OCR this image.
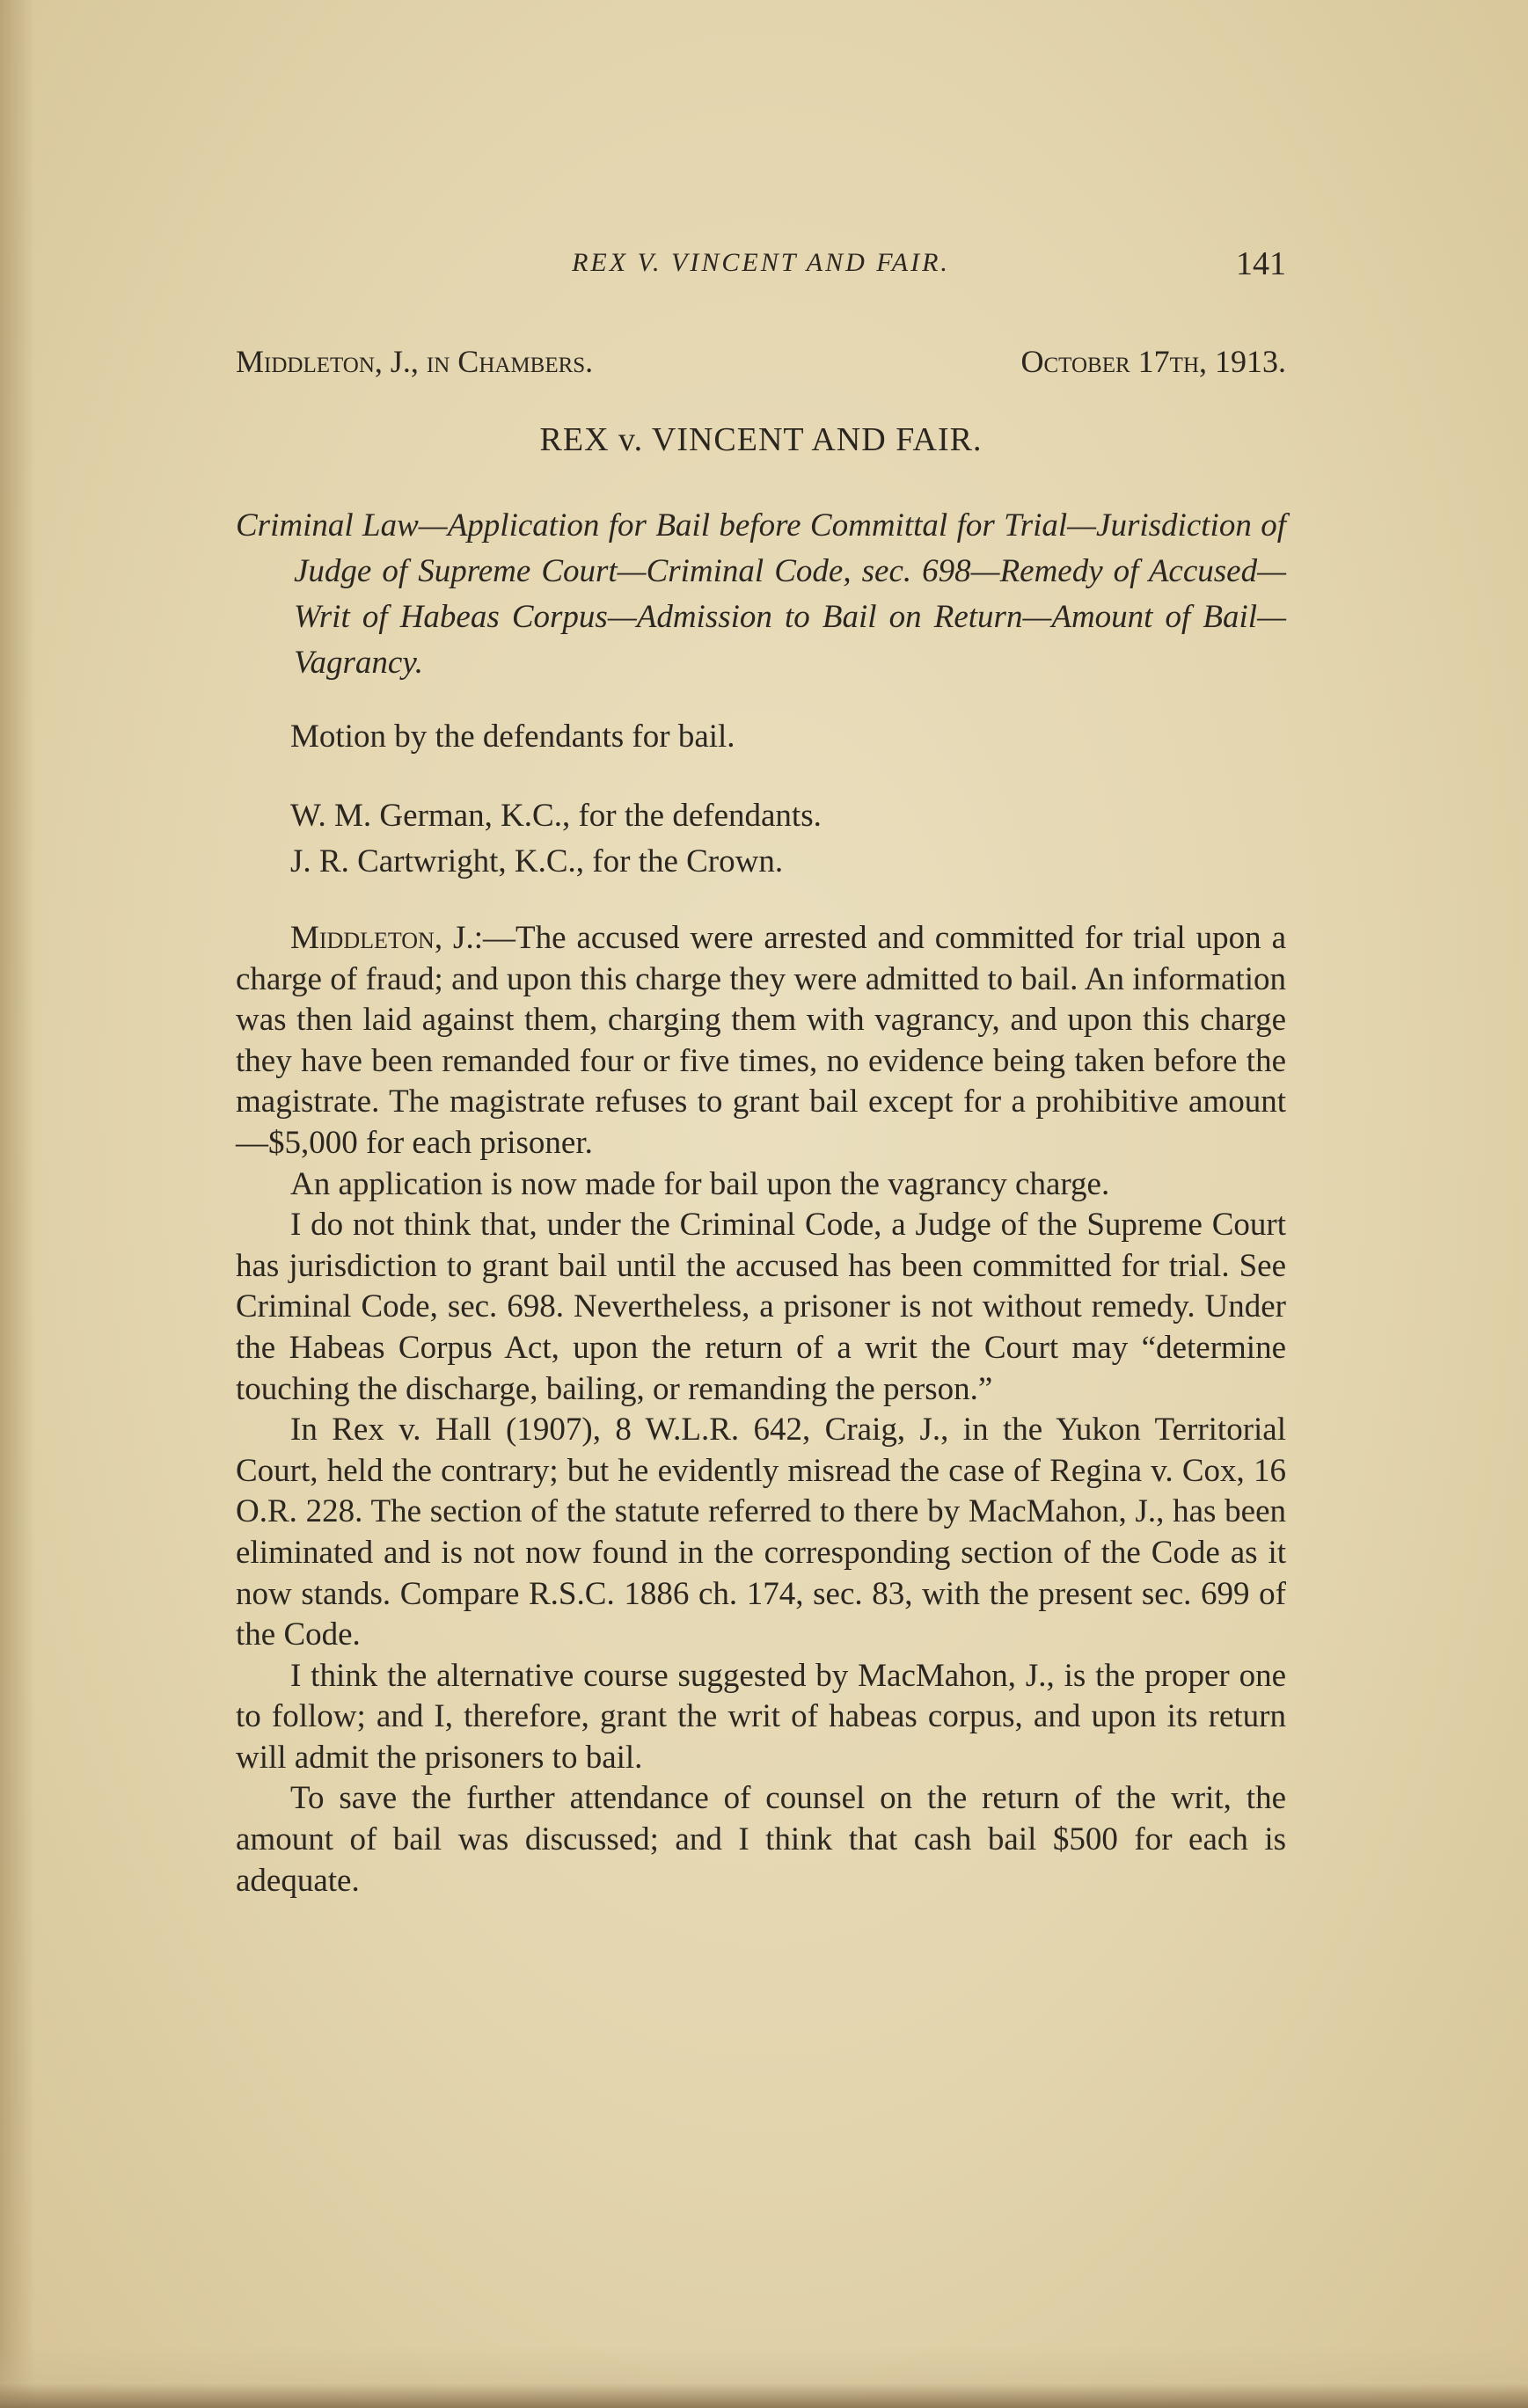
REX V. VINCENT AND FAIR.	141
Middleton, J., in Chambers.	October 17th, 1913.
REX v. VINCENT AND FAIR.
Criminal Law—Application for Bail before Committal for Trial—Jurisdiction of Judge of Supreme Court—Criminal Code, sec. 698—Remedy of Accused—Writ of Habeas Corpus—Admission to Bail on Return—Amount of Bail—Vagrancy.
Motion by the defendants for bail.
W. M. German, K.C., for the defendants.
J. R. Cartwright, K.C., for the Crown.

Middleton, J.:—The accused were arrested and committed for trial upon a charge of fraud; and upon this charge they were admitted to bail. An information was then laid against them, charging them with vagrancy, and upon this charge they have been remanded four or five times, no evidence being taken before the magistrate. The magistrate refuses to grant bail except for a prohibitive amount—$5,000 for each prisoner.

An application is now made for bail upon the vagrancy charge.

I do not think that, under the Criminal Code, a Judge of the Supreme Court has jurisdiction to grant bail until the accused has been committed for trial. See Criminal Code, sec. 698. Nevertheless, a prisoner is not without remedy. Under the Habeas Corpus Act, upon the return of a writ the Court may “determine touching the discharge, bailing, or remanding the person.”

In Rex v. Hall (1907), 8 W.L.R. 642, Craig, J., in the Yukon Territorial Court, held the contrary; but he evidently misread the case of Regina v. Cox, 16 O.R. 228. The section of the statute referred to there by MacMahon, J., has been eliminated and is not now found in the corresponding section of the Code as it now stands. Compare R.S.C. 1886 ch. 174, sec. 83, with the present sec. 699 of the Code.

I think the alternative course suggested by MacMahon, J., is the proper one to follow; and I, therefore, grant the writ of habeas corpus, and upon its return will admit the prisoners to bail.

To save the further attendance of counsel on the return of the writ, the amount of bail was discussed; and I think that cash bail $500 for each is adequate.
